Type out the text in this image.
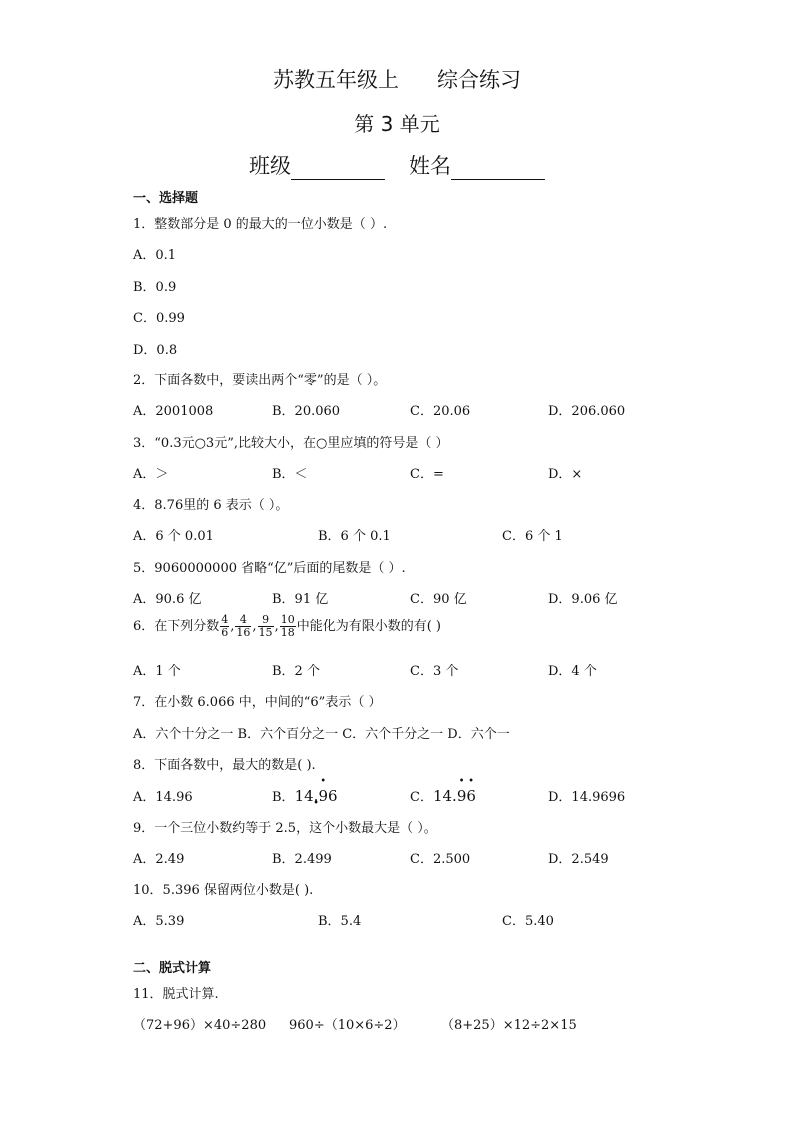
苏教五年级上 综合练习
第 3 单元
班级	姓名
一、选择题
1．整数部分是 0 的最大的一位小数是（ ）.
A．0.1
B．0.9
C．0.99
D．0.8
2．下面各数中，要读出两个“零”的是（ ）。
A．2001008	B．20.060	C．20.06	D．206.060
3．“0.3元○3元”,比较大小，在○里应填的符号是（ ）
A．＞	B．＜	C．=	D．×
4．8.76里的 6 表示（ ）。
A．6 个 0.01	B．6 个 0.1	C．6 个 1
5．9060000000 省略“亿”后面的尾数是（ ）.
A．90.6 亿	B．91 亿	C．90 亿	D．9.06 亿
6．在下列分数 $\frac{4}{6}$ , $\frac{4}{16}$ , $\frac{9}{15}$ , $\frac{10}{18}$ 中能化为有限小数的有( )
A．1 个	B．2 个	C．3 个	D．4 个
7．在小数 6.066 中，中间的“6”表示（ ）
A．六个十分之一 B．六个百分之一 C．六个千分之一 D．六个一
8．下面各数中，最大的数是( ).
A．14.96	B．14. •9 •6	C．14.9 •6 •	D．14.9696
9．一个三位小数约等于 2.5，这个小数最大是（ ）。
A．2.49	B．2.499	C．2.500	D．2.549
10．5.396 保留两位小数是( ).
A．5.39	B．5.4	C．5.40
二、脱式计算
11．脱式计算.
（72+96）×40÷280 960÷（10×6÷2）	（8+25）×12÷2×15
